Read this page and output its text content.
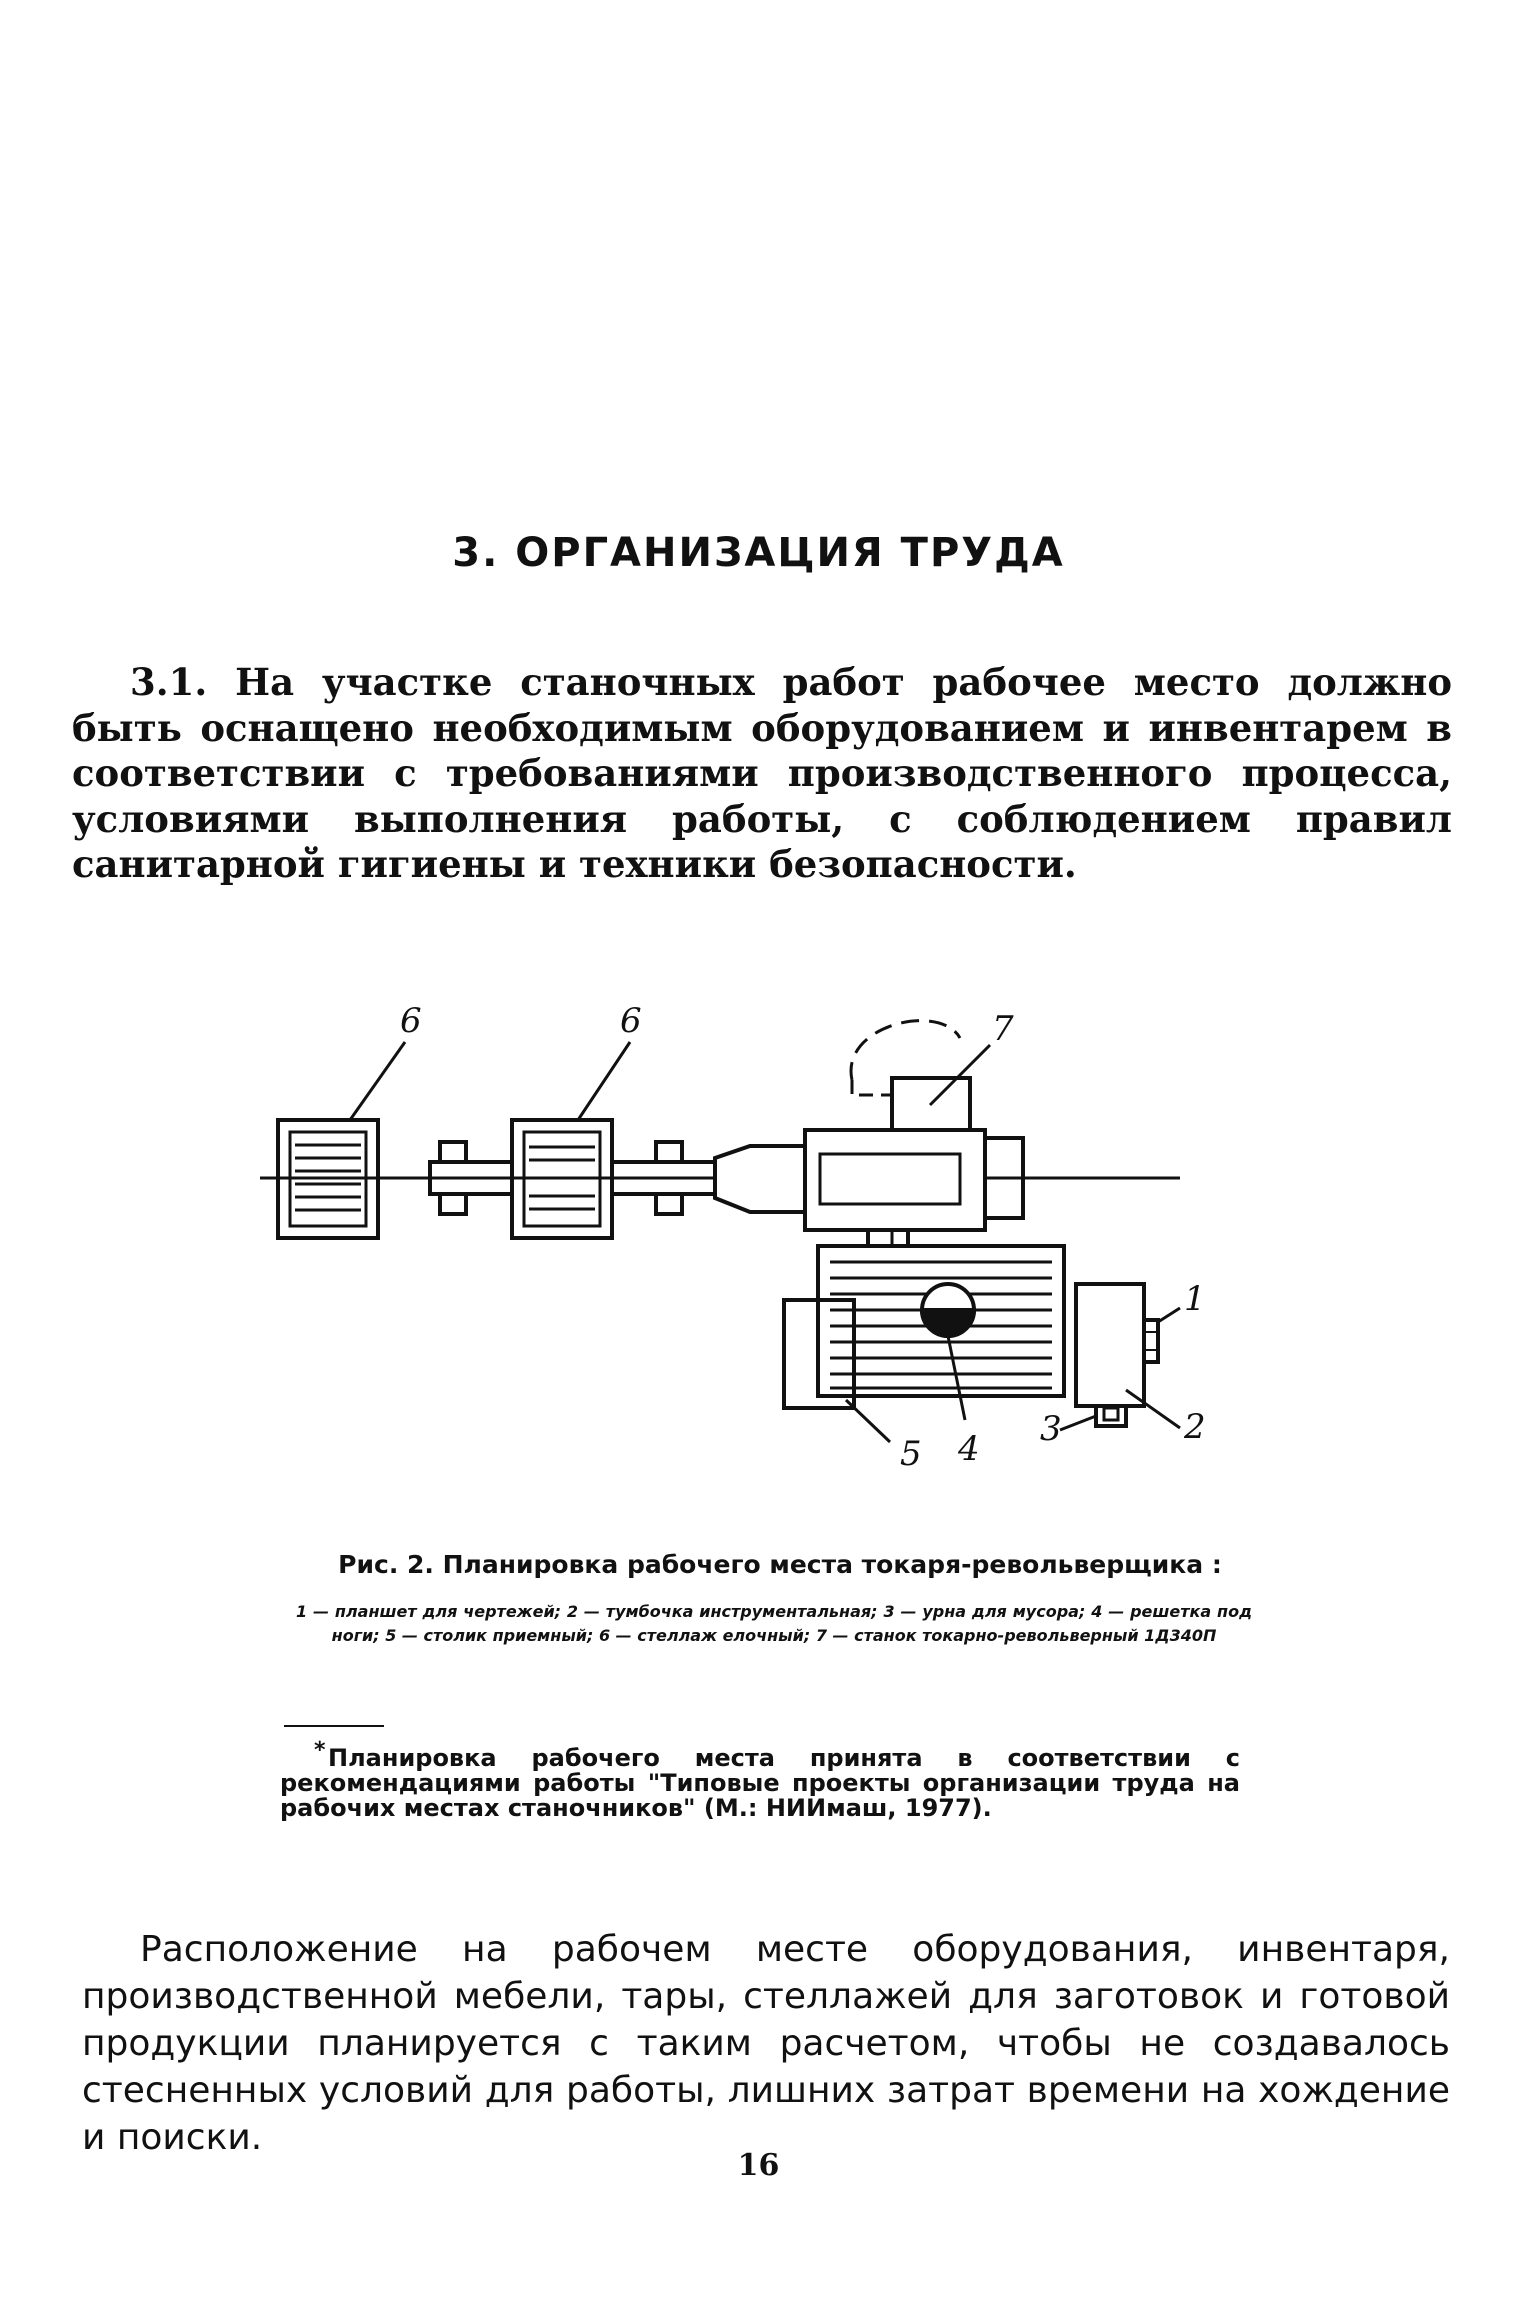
3. ОРГАНИЗАЦИЯ ТРУДА

3.1. На участке станочных работ рабочее место должно быть оснащено необходимым оборудованием и инвентарем в соответствии с требованиями производственного процесса, условиями выполнения работы, с соблюдением правил санитарной гигиены и техники безопасности.

6	6	7
1
2
3
4
5

Рис. 2. Планировка рабочего места токаря-револьверщика :

1 — планшет для чертежей; 2 — тумбочка инструментальная; 3 — урна для мусора; 4 — решетка под ноги; 5 — столик приемный; 6 — стеллаж елочный; 7 — станок токарно-револьверный 1Д340П

* Планировка рабочего места принята в соответствии с рекомендациями работы "Типовые проекты организации труда на рабочих местах станочников" (М.: НИИмаш, 1977).

Расположение на рабочем месте оборудования, инвентаря, производственной мебели, тары, стеллажей для заготовок и готовой продукции планируется с таким расчетом, чтобы не создавалось стесненных условий для работы, лишних затрат времени на хождение и поиски.

16
